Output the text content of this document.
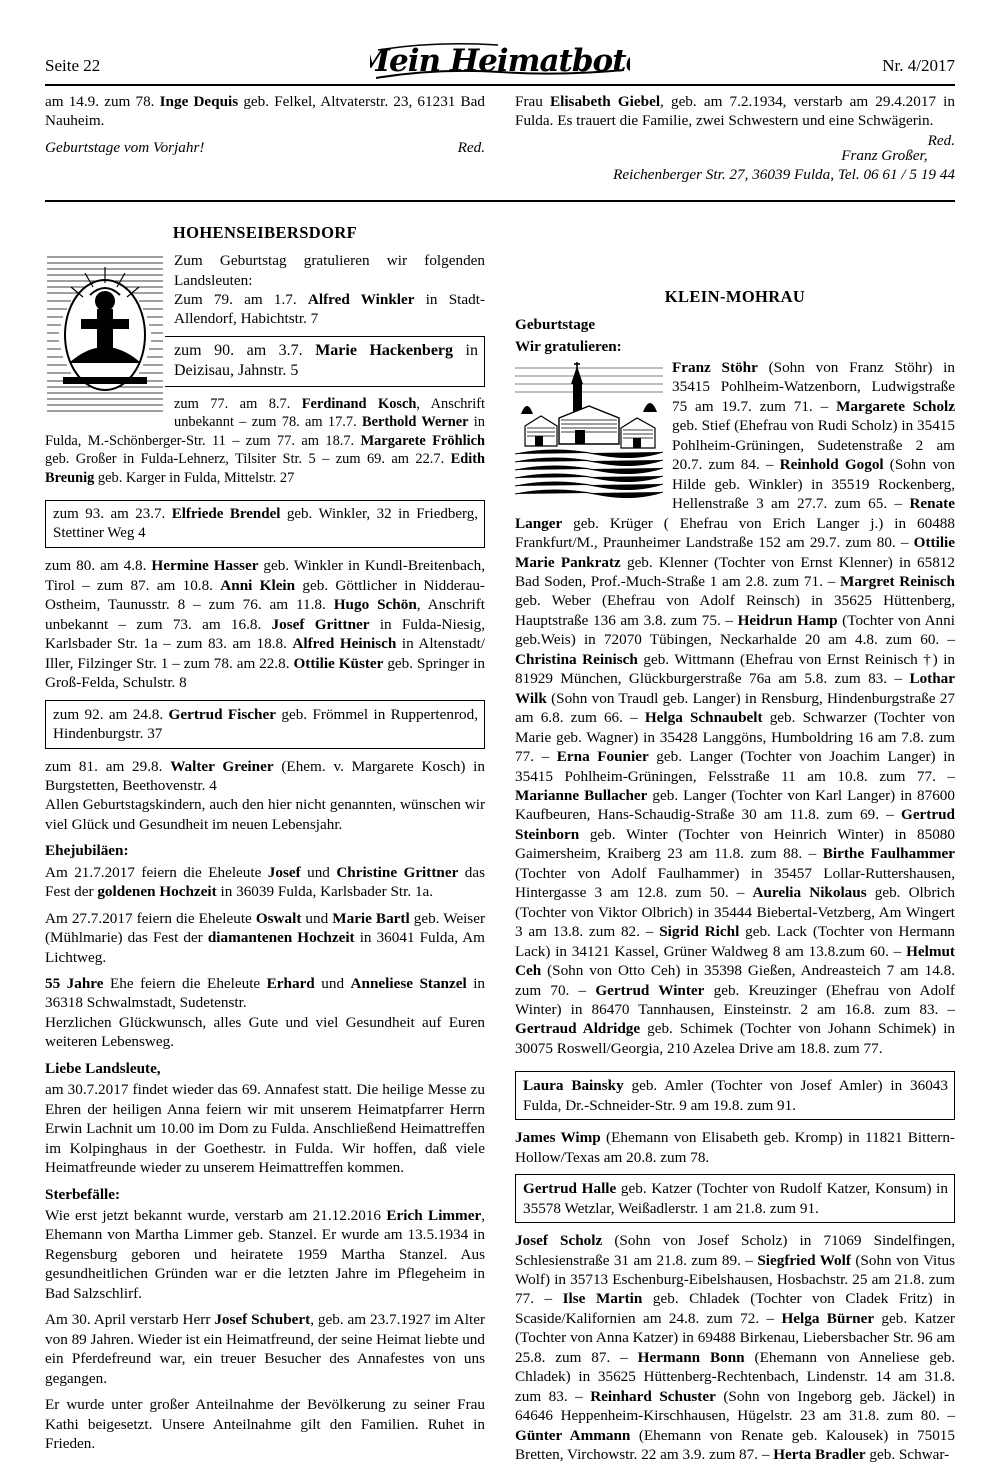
Seite 22	Mein Heimatbote	Nr. 4/2017

am 14.9. zum 78. Inge Dequis geb. Felkel, Altvaterstr. 23, 61231 Bad Nauheim.

Geburtstage vom Vorjahr!	Red.

Frau Elisabeth Giebel, geb. am 7.2.1934, verstarb am 29.4.2017 in Fulda. Es trauert die Familie, zwei Schwestern und eine Schwägerin.
Red.

Franz Großer,

Reichenberger Str. 27, 36039 Fulda, Tel. 06 61 / 5 19 44

HOHENSEIBERSDORF

Zum Geburtstag gratulieren wir folgenden Landsleuten:

Zum 79. am 1.7. Alfred Winkler in Stadt-Allendorf, Habichtstr. 7

zum 90. am 3.7. Marie Hackenberg in Deizisau, Jahnstr. 5

zum 77. am 8.7. Ferdinand Kosch, Anschrift unbekannt – zum 78. am 17.7. Berthold Werner in Fulda, M.-Schönberger-Str. 11 – zum 77. am 18.7. Margarete Fröhlich geb. Großer in Fulda-Lehnerz, Tilsiter Str. 5 – zum 69. am 22.7. Edith Breunig geb. Karger in Fulda, Mittelstr. 27

zum 93. am 23.7. Elfriede Brendel geb. Winkler, 32 in Friedberg, Stettiner Weg 4

zum 80. am 4.8. Hermine Hasser geb. Winkler in Kundl-Breitenbach, Tirol – zum 87. am 10.8. Anni Klein geb. Göttlicher in Nidderau-Ostheim, Taunusstr. 8 – zum 76. am 11.8. Hugo Schön, Anschrift unbekannt – zum 73. am 16.8. Josef Grittner in Fulda-Niesig, Karlsbader Str. 1a – zum 83. am 18.8. Alfred Heinisch in Altenstadt/ Iller, Filzinger Str. 1 – zum 78. am 22.8. Ottilie Küster geb. Springer in Groß-Felda, Schulstr. 8

zum 92. am 24.8. Gertrud Fischer geb. Frömmel in Ruppertenrod, Hindenburgstr. 37

zum 81. am 29.8. Walter Greiner (Ehem. v. Margarete Kosch) in Burgstetten, Beethovenstr. 4

Allen Geburtstagskindern, auch den hier nicht genannten, wünschen wir viel Glück und Gesundheit im neuen Lebensjahr.

Ehejubiläen:

Am 21.7.2017 feiern die Eheleute Josef und Christine Grittner das Fest der goldenen Hochzeit in 36039 Fulda, Karlsbader Str. 1a.

Am 27.7.2017 feiern die Eheleute Oswalt und Marie Bartl geb. Weiser (Mühlmarie) das Fest der diamantenen Hochzeit in 36041 Fulda, Am Lichtweg.

55 Jahre Ehe feiern die Eheleute Erhard und Anneliese Stanzel in 36318 Schwalmstadt, Sudetenstr.

Herzlichen Glückwunsch, alles Gute und viel Gesundheit auf Euren weiteren Lebensweg.

Liebe Landsleute,

am 30.7.2017 findet wieder das 69. Annafest statt. Die heilige Messe zu Ehren der heiligen Anna feiern wir mit unserem Heimatpfarrer Herrn Erwin Lachnit um 10.00 im Dom zu Fulda. Anschließend Heimattreffen im Kolpinghaus in der Goethestr. in Fulda. Wir hoffen, daß viele Heimatfreunde wieder zu unserem Heimattreffen kommen.

Sterbefälle:

Wie erst jetzt bekannt wurde, verstarb am 21.12.2016 Erich Limmer, Ehemann von Martha Limmer geb. Stanzel. Er wurde am 13.5.1934 in Regensburg geboren und heiratete 1959 Martha Stanzel. Aus gesundheitlichen Gründen war er die letzten Jahre im Pflegeheim in Bad Salzschlirf.

Am 30. April verstarb Herr Josef Schubert, geb. am 23.7.1927 im Alter von 89 Jahren. Wieder ist ein Heimatfreund, der seine Heimat liebte und ein Pferdefreund war, ein treuer Besucher des Annafestes von uns gegangen.

Er wurde unter großer Anteilnahme der Bevölkerung zu seiner Frau Kathi beigesetzt. Unsere Anteilnahme gilt den Familien. Ruhet in Frieden.

KLEIN-MOHRAU

Geburtstage

Wir gratulieren:

Franz Stöhr (Sohn von Franz Stöhr) in 35415 Pohlheim-Watzenborn, Ludwigstraße 75 am 19.7. zum 71. – Margarete Scholz geb. Stief (Ehefrau von Rudi Scholz) in 35415 Pohlheim-Grüningen, Sudetenstraße 2 am 20.7. zum 84. – Reinhold Gogol (Sohn von Hilde geb. Winkler) in 35519 Rockenberg, Hellenstraße 3 am 27.7. zum 65. – Renate Langer geb. Krüger ( Ehefrau von Erich Langer j.) in 60488 Frankfurt/M., Praunheimer Landstraße 152 am 29.7. zum 80. – Ottilie Marie Pankratz geb. Klenner (Tochter von Ernst Klenner) in 65812 Bad Soden, Prof.-Much-Straße 1 am 2.8. zum 71. – Margret Reinisch geb. Weber (Ehefrau von Adolf Reinsch) in 35625 Hüttenberg, Hauptstraße 136 am 3.8. zum 75. – Heidrun Hamp (Tochter von Anni geb.Weis) in 72070 Tübingen, Neckarhalde 20 am 4.8. zum 60. – Christina Reinisch geb. Wittmann (Ehefrau von Ernst Reinisch †) in 81929 München, Glückburgerstraße 76a am 5.8. zum 83. – Lothar Wilk (Sohn von Traudl geb. Langer) in Rensburg, Hindenburgstraße 27 am 6.8. zum 66. – Helga Schnaubelt geb. Schwarzer (Tochter von Marie geb. Wagner) in 35428 Langgöns, Humboldring 16 am 7.8. zum 77. – Erna Founier geb. Langer (Tochter von Joachim Langer) in 35415 Pohlheim-Grüningen, Felsstraße 11 am 10.8. zum 77. – Marianne Bullacher geb. Langer (Tochter von Karl Langer) in 87600 Kaufbeuren, Hans-Schaudig-Straße 30 am 11.8. zum 69. – Gertrud Steinborn geb. Winter (Tochter von Heinrich Winter) in 85080 Gaimersheim, Kraiberg 23 am 11.8. zum 88. – Birthe Faulhammer (Tochter von Adolf Faulhammer) in 35457 Lollar-Ruttershausen, Hintergasse 3 am 12.8. zum 50. – Aurelia Nikolaus geb. Olbrich (Tochter von Viktor Olbrich) in 35444 Biebertal-Vetzberg, Am Wingert 3 am 13.8. zum 82. – Sigrid Richl geb. Lack (Tochter von Hermann Lack) in 34121 Kassel, Grüner Waldweg 8 am 13.8.zum 60. – Helmut Ceh (Sohn von Otto Ceh) in 35398 Gießen, Andreasteich 7 am 14.8. zum 70. – Gertrud Winter geb. Kreuzinger (Ehefrau von Adolf Winter) in 86470 Tannhausen, Einsteinstr. 2 am 16.8. zum 83. – Gertraud Aldridge geb. Schimek (Tochter von Johann Schimek) in 30075 Roswell/Georgia, 210 Azelea Drive am 18.8. zum 77.

Laura Bainsky geb. Amler (Tochter von Josef Amler) in 36043 Fulda, Dr.-Schneider-Str. 9 am 19.8. zum 91.

James Wimp (Ehemann von Elisabeth geb. Kromp) in 11821 Bittern-Hollow/Texas am 20.8. zum 78.

Gertrud Halle geb. Katzer (Tochter von Rudolf Katzer, Konsum) in 35578 Wetzlar, Weißadlerstr. 1 am 21.8. zum 91.

Josef Scholz (Sohn von Josef Scholz) in 71069 Sindelfingen, Schlesienstraße 31 am 21.8. zum 89. – Siegfried Wolf (Sohn von Vitus Wolf) in 35713 Eschenburg-Eibelshausen, Hosbachstr. 25 am 21.8. zum 77. – Ilse Martin geb. Chladek (Tochter von Cladek Fritz) in Scaside/Kalifornien am 24.8. zum 72. – Helga Bürner geb. Katzer (Tochter von Anna Katzer) in 69488 Birkenau, Liebersbacher Str. 96 am 25.8. zum 87. – Hermann Bonn (Ehemann von Anneliese geb. Chladek) in 35625 Hüttenberg-Rechtenbach, Lindenstr. 14 am 31.8. zum 83. – Reinhard Schuster (Sohn von Ingeborg geb. Jäckel) in 64646 Heppenheim-Kirschhausen, Hügelstr. 23 am 31.8. zum 80. – Günter Ammann (Ehemann von Renate geb. Kalousek) in 75015 Bretten, Virchowstr. 22 am 3.9. zum 87. – Herta Bradler geb. Schwar-
